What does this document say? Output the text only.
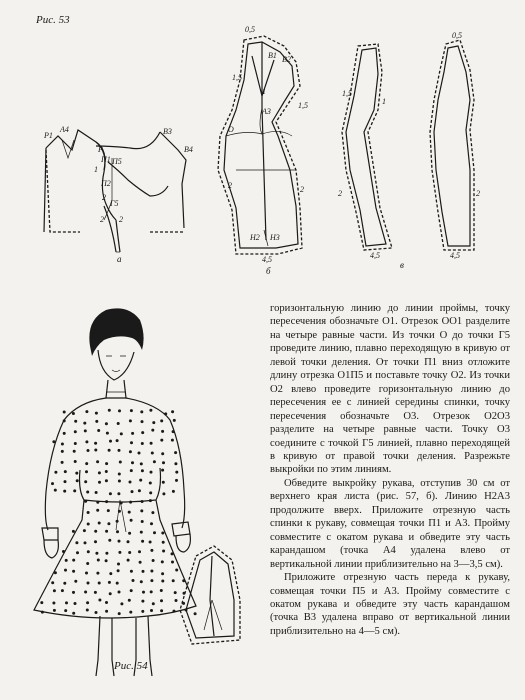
Рис. 53
Рис. 54
Р1
А4
Р
П1 П5
П2
Г5
В3
В4
2
2 2
1
а
0,5
1,5
В1 В2
А3
О
1,5
2
Н2 Н3
2
4,5
1
б
0,5
1,5
2	2
4,5	4,5
1
в

горизонтальную линию до линии проймы, точку пересечения обозначьте О1. Отрезок ОО1 разделите на четыре равные части. Из точки О до точки Г5 проведите линию, плавно переходящую в кривую от левой точки деления. От точки П1 вниз отложите длину отрезка О1П5 и поставьте точку О2. Из точки О2 влево проведите горизонтальную линию до пересечения ее с линией середины спинки, точку пересечения обозначьте О3. Отрезок О2О3 разделите на четыре равные части. Точку О3 соедините с точкой Г5 линией, плавно переходящей в кривую от правой точки деления. Разрежьте выкройки по этим линиям.

Обведите выкройку рукава, отступив 30 см от верхнего края листа (рис. 57, б). Линию Н2А3 продолжите вверх. Приложите отрезную часть спинки к рукаву, совмещая точки П1 и А3. Пройму совместите с окатом рукава и обведите эту часть карандашом (точка А4 удалена влево от вертикальной линии приблизительно на 3—3,5 см).

Приложите отрезную часть переда к рукаву, совмещая точки П5 и А3. Пройму совместите с окатом рукава и обведите эту часть карандашом (точка В3 удалена вправо от вертикальной линии приблизительно на 4—5 см).
